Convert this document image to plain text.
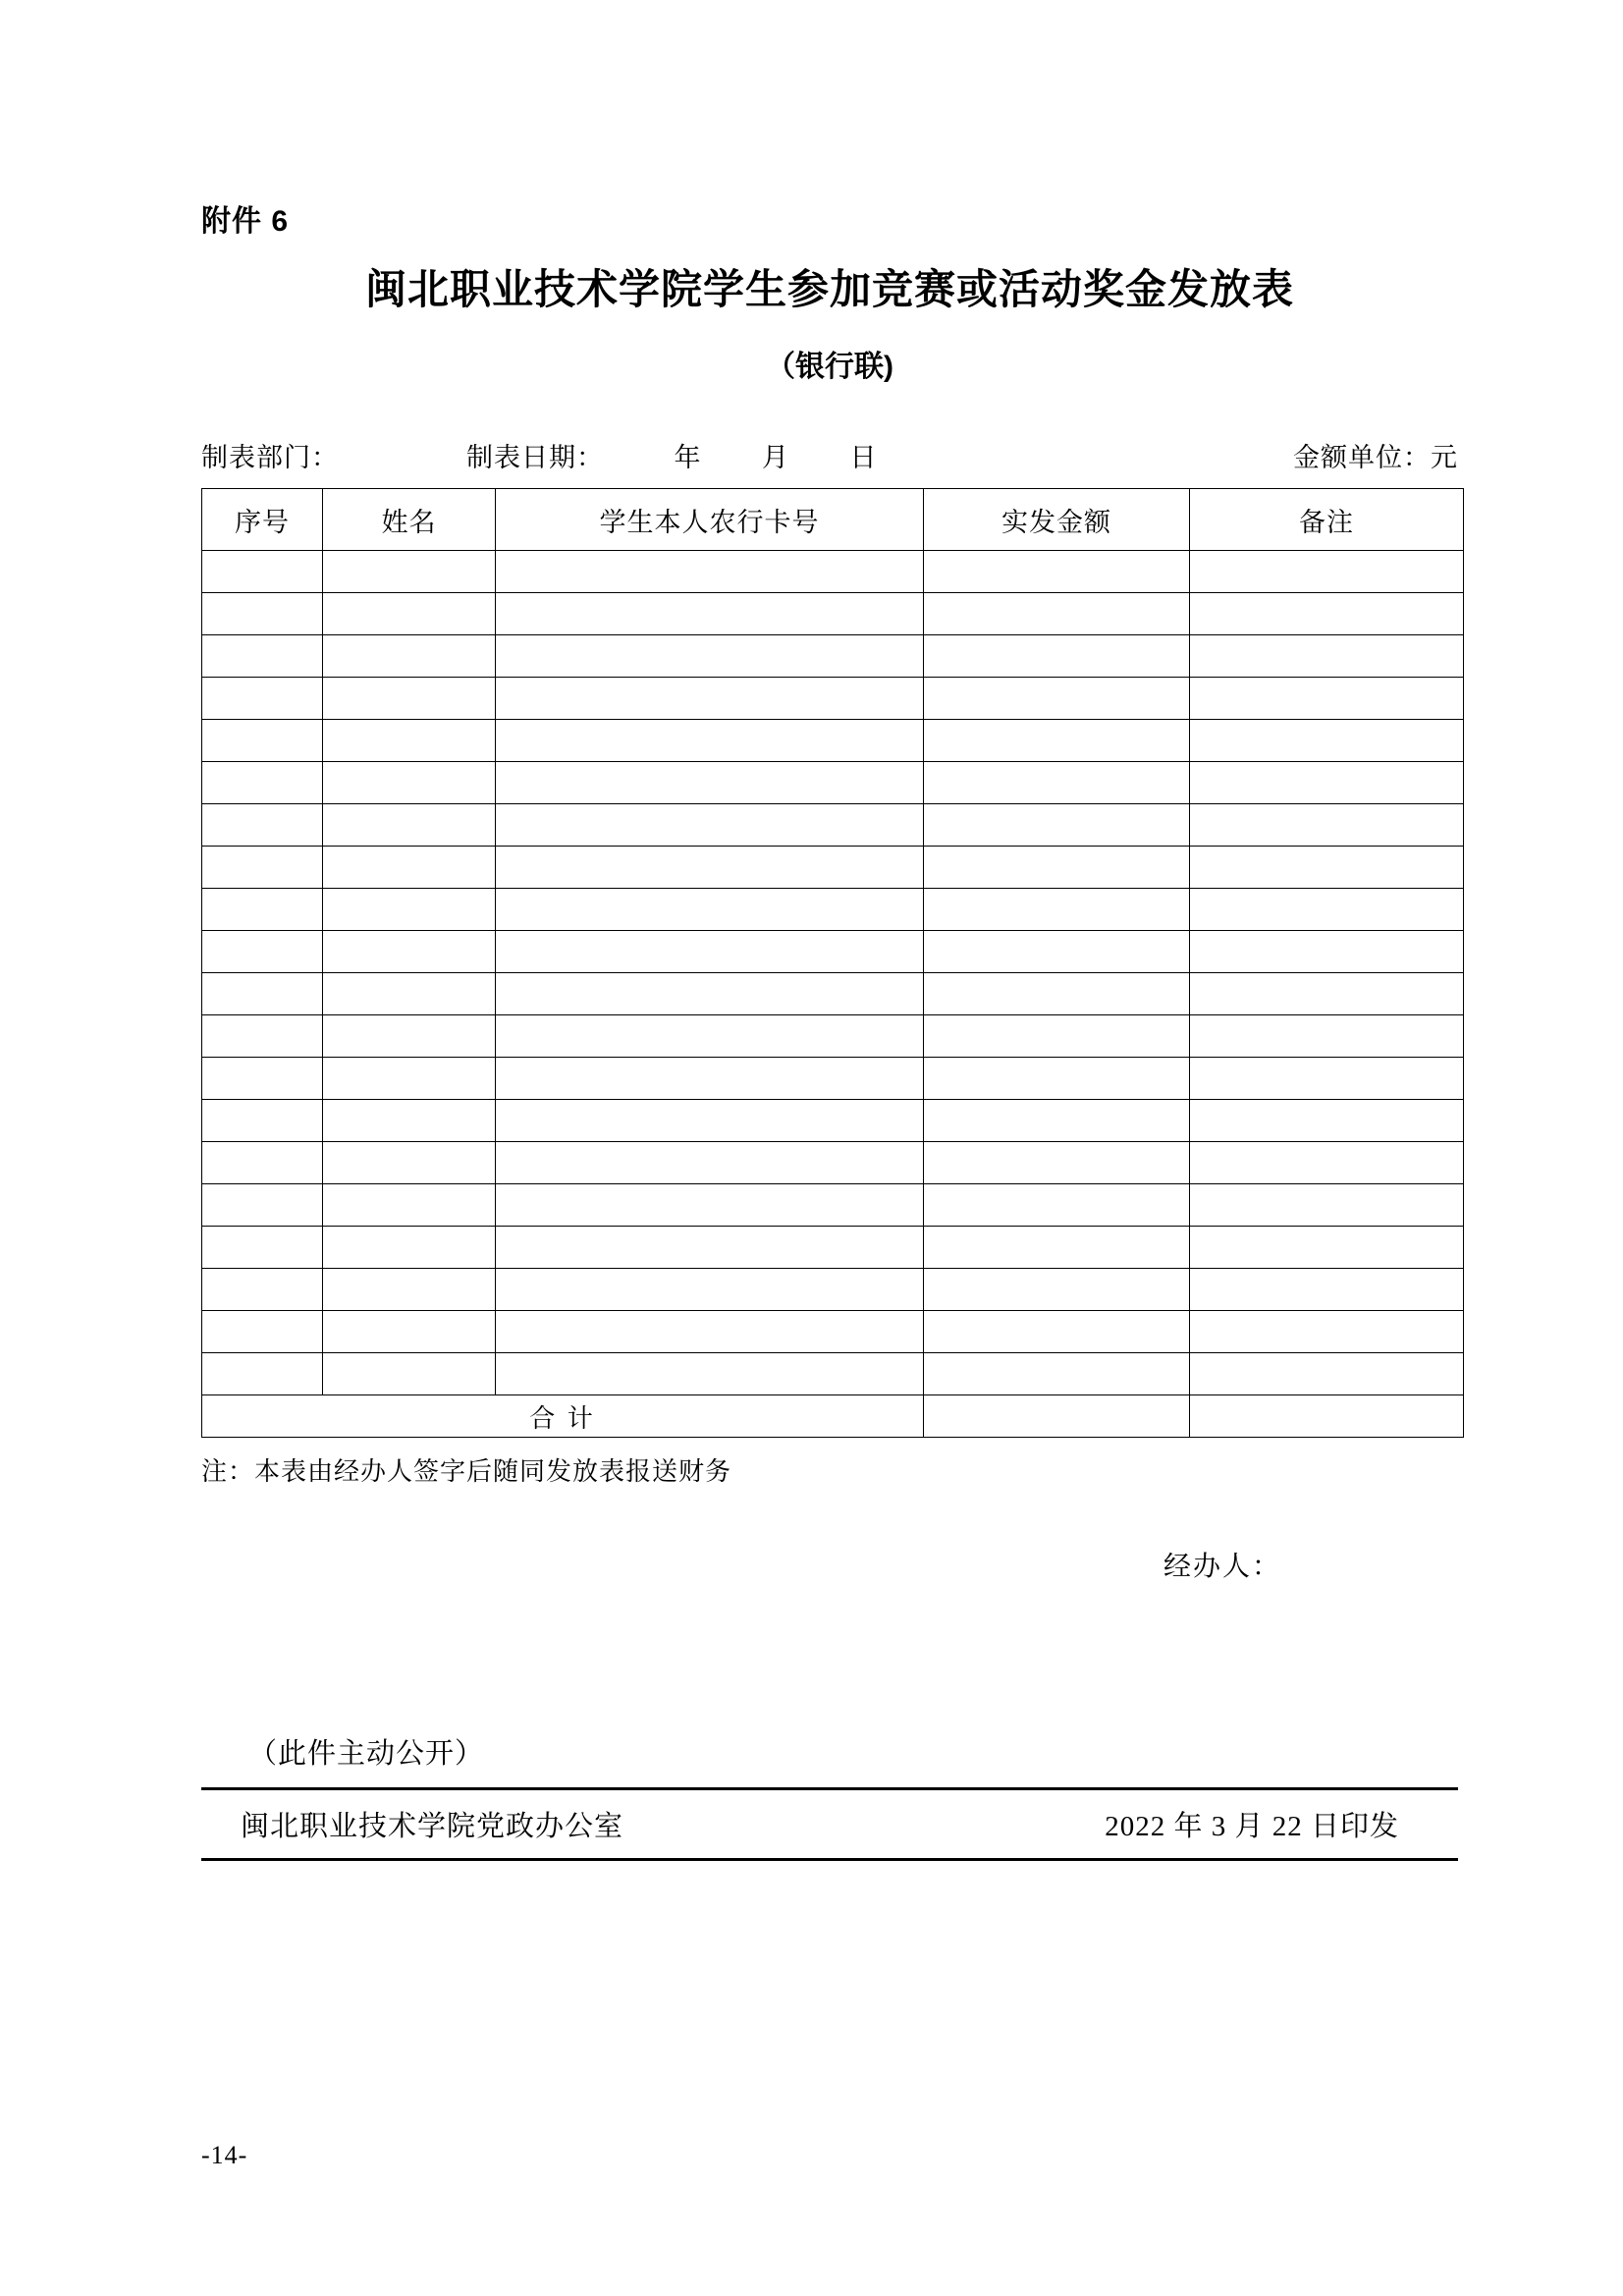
附件 6
闽北职业技术学院学生参加竞赛或活动奖金发放表
（银行联)
制表部门：	制表日期：	年 月 日	金额单位：元
序号	姓名	学生本人农行卡号	实发金额	备注

合 计				
注：本表由经办人签字后随同发放表报送财务
经办人：
（此件主动公开）
闽北职业技术学院党政办公室	2022 年 3 月 22 日印发
-14-
